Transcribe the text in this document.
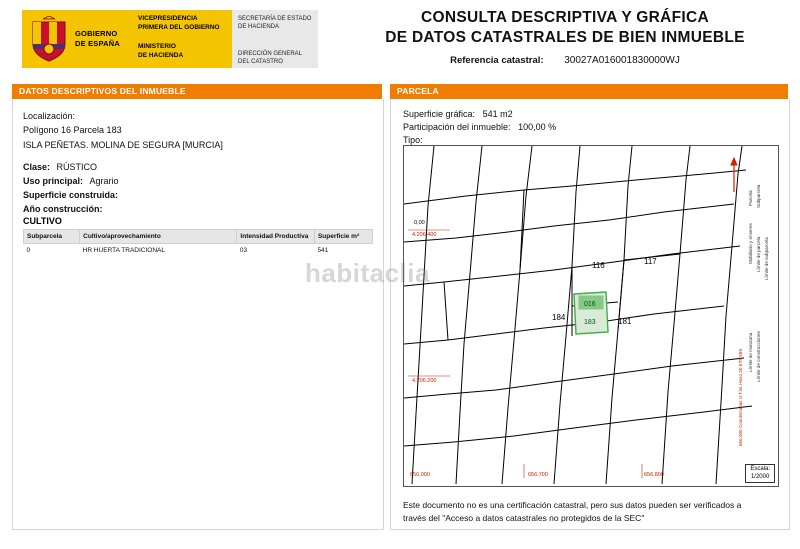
GOBIERNO
DE ESPAÑA
VICEPRESIDENCIA
PRIMERA DEL GOBIERNO
MINISTERIO
DE HACIENDA
SECRETARÍA DE ESTADO
DE HACIENDA
DIRECCIÓN GENERAL
DEL CATASTRO
CONSULTA DESCRIPTIVA Y GRÁFICA
DE DATOS CATASTRALES DE BIEN INMUEBLE
Referencia catastral: 30027A016001830000WJ
DATOS DESCRIPTIVOS DEL INMUEBLE	PARCELA
Localización:
Polígono 16 Parcela 183
ISLA PEÑETAS. MOLINA DE SEGURA [MURCIA]
Clase: RÚSTICO
Uso principal: Agrario
Superficie construida:
Año construcción:
CULTIVO
Subparcela	Cultivo/aprovechamiento	Intensidad Productiva	Superficie m²
0	HR HUERTA TRADICIONAL	03	541
Superficie gráfica: 541 m2
Participación del inmueble: 100,00 %
Tipo:
016
183
116	117
184	181
4.206.400
4.206.200
656.000	656.700	656.800
0,00
Parcela Subparcela
Mobiliario y enseres Límite de parcela Límite de subparcela
Límite de manzana Límite de construcciones
656.000 Coordenadas U.T.M. Huso 30 ETRS89
Escala:
1/2000
Este documento no es una certificación catastral, pero sus datos pueden ser verificados a
través del "Acceso a datos catastrales no protegidos de la SEC"
habitaclia
